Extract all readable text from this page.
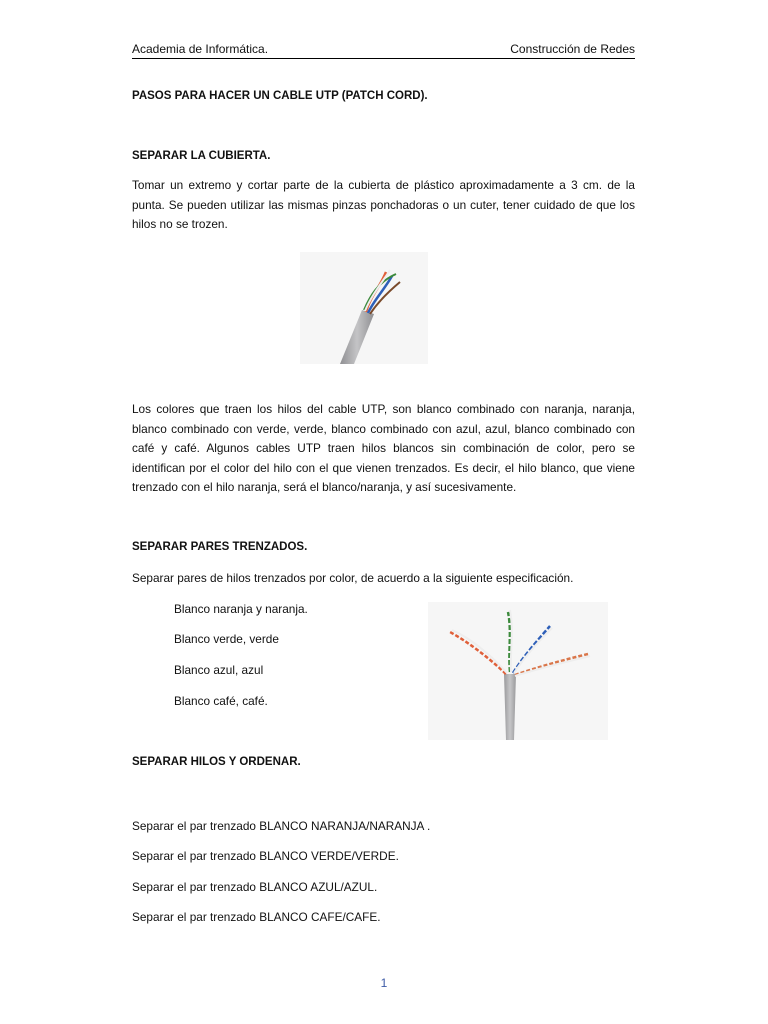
Academia de Informática.	Construcción de Redes
PASOS PARA HACER UN CABLE UTP (PATCH CORD).
SEPARAR LA CUBIERTA.
Tomar un extremo y cortar parte de la cubierta de plástico aproximadamente a 3 cm. de la punta. Se pueden utilizar las mismas pinzas ponchadoras o un cuter, tener cuidado de que los hilos no se trozen.
Los colores que traen los hilos del cable UTP, son blanco combinado con naranja, naranja, blanco combinado con verde, verde, blanco combinado con azul, azul, blanco combinado con café y café. Algunos cables UTP traen hilos blancos sin combinación de color, pero se identifican por el color del hilo con el que vienen trenzados. Es decir, el hilo blanco, que viene trenzado con el hilo naranja, será el blanco/naranja, y así sucesivamente.
SEPARAR PARES TRENZADOS.
Separar pares de hilos trenzados por color, de acuerdo a la siguiente especificación.
Blanco naranja y naranja.
Blanco verde, verde
Blanco azul, azul
Blanco café, café.
SEPARAR HILOS Y ORDENAR.
Separar el par trenzado BLANCO NARANJA/NARANJA .
Separar el par trenzado BLANCO VERDE/VERDE.
Separar el par trenzado BLANCO AZUL/AZUL.
Separar el par trenzado BLANCO CAFE/CAFE.
1
